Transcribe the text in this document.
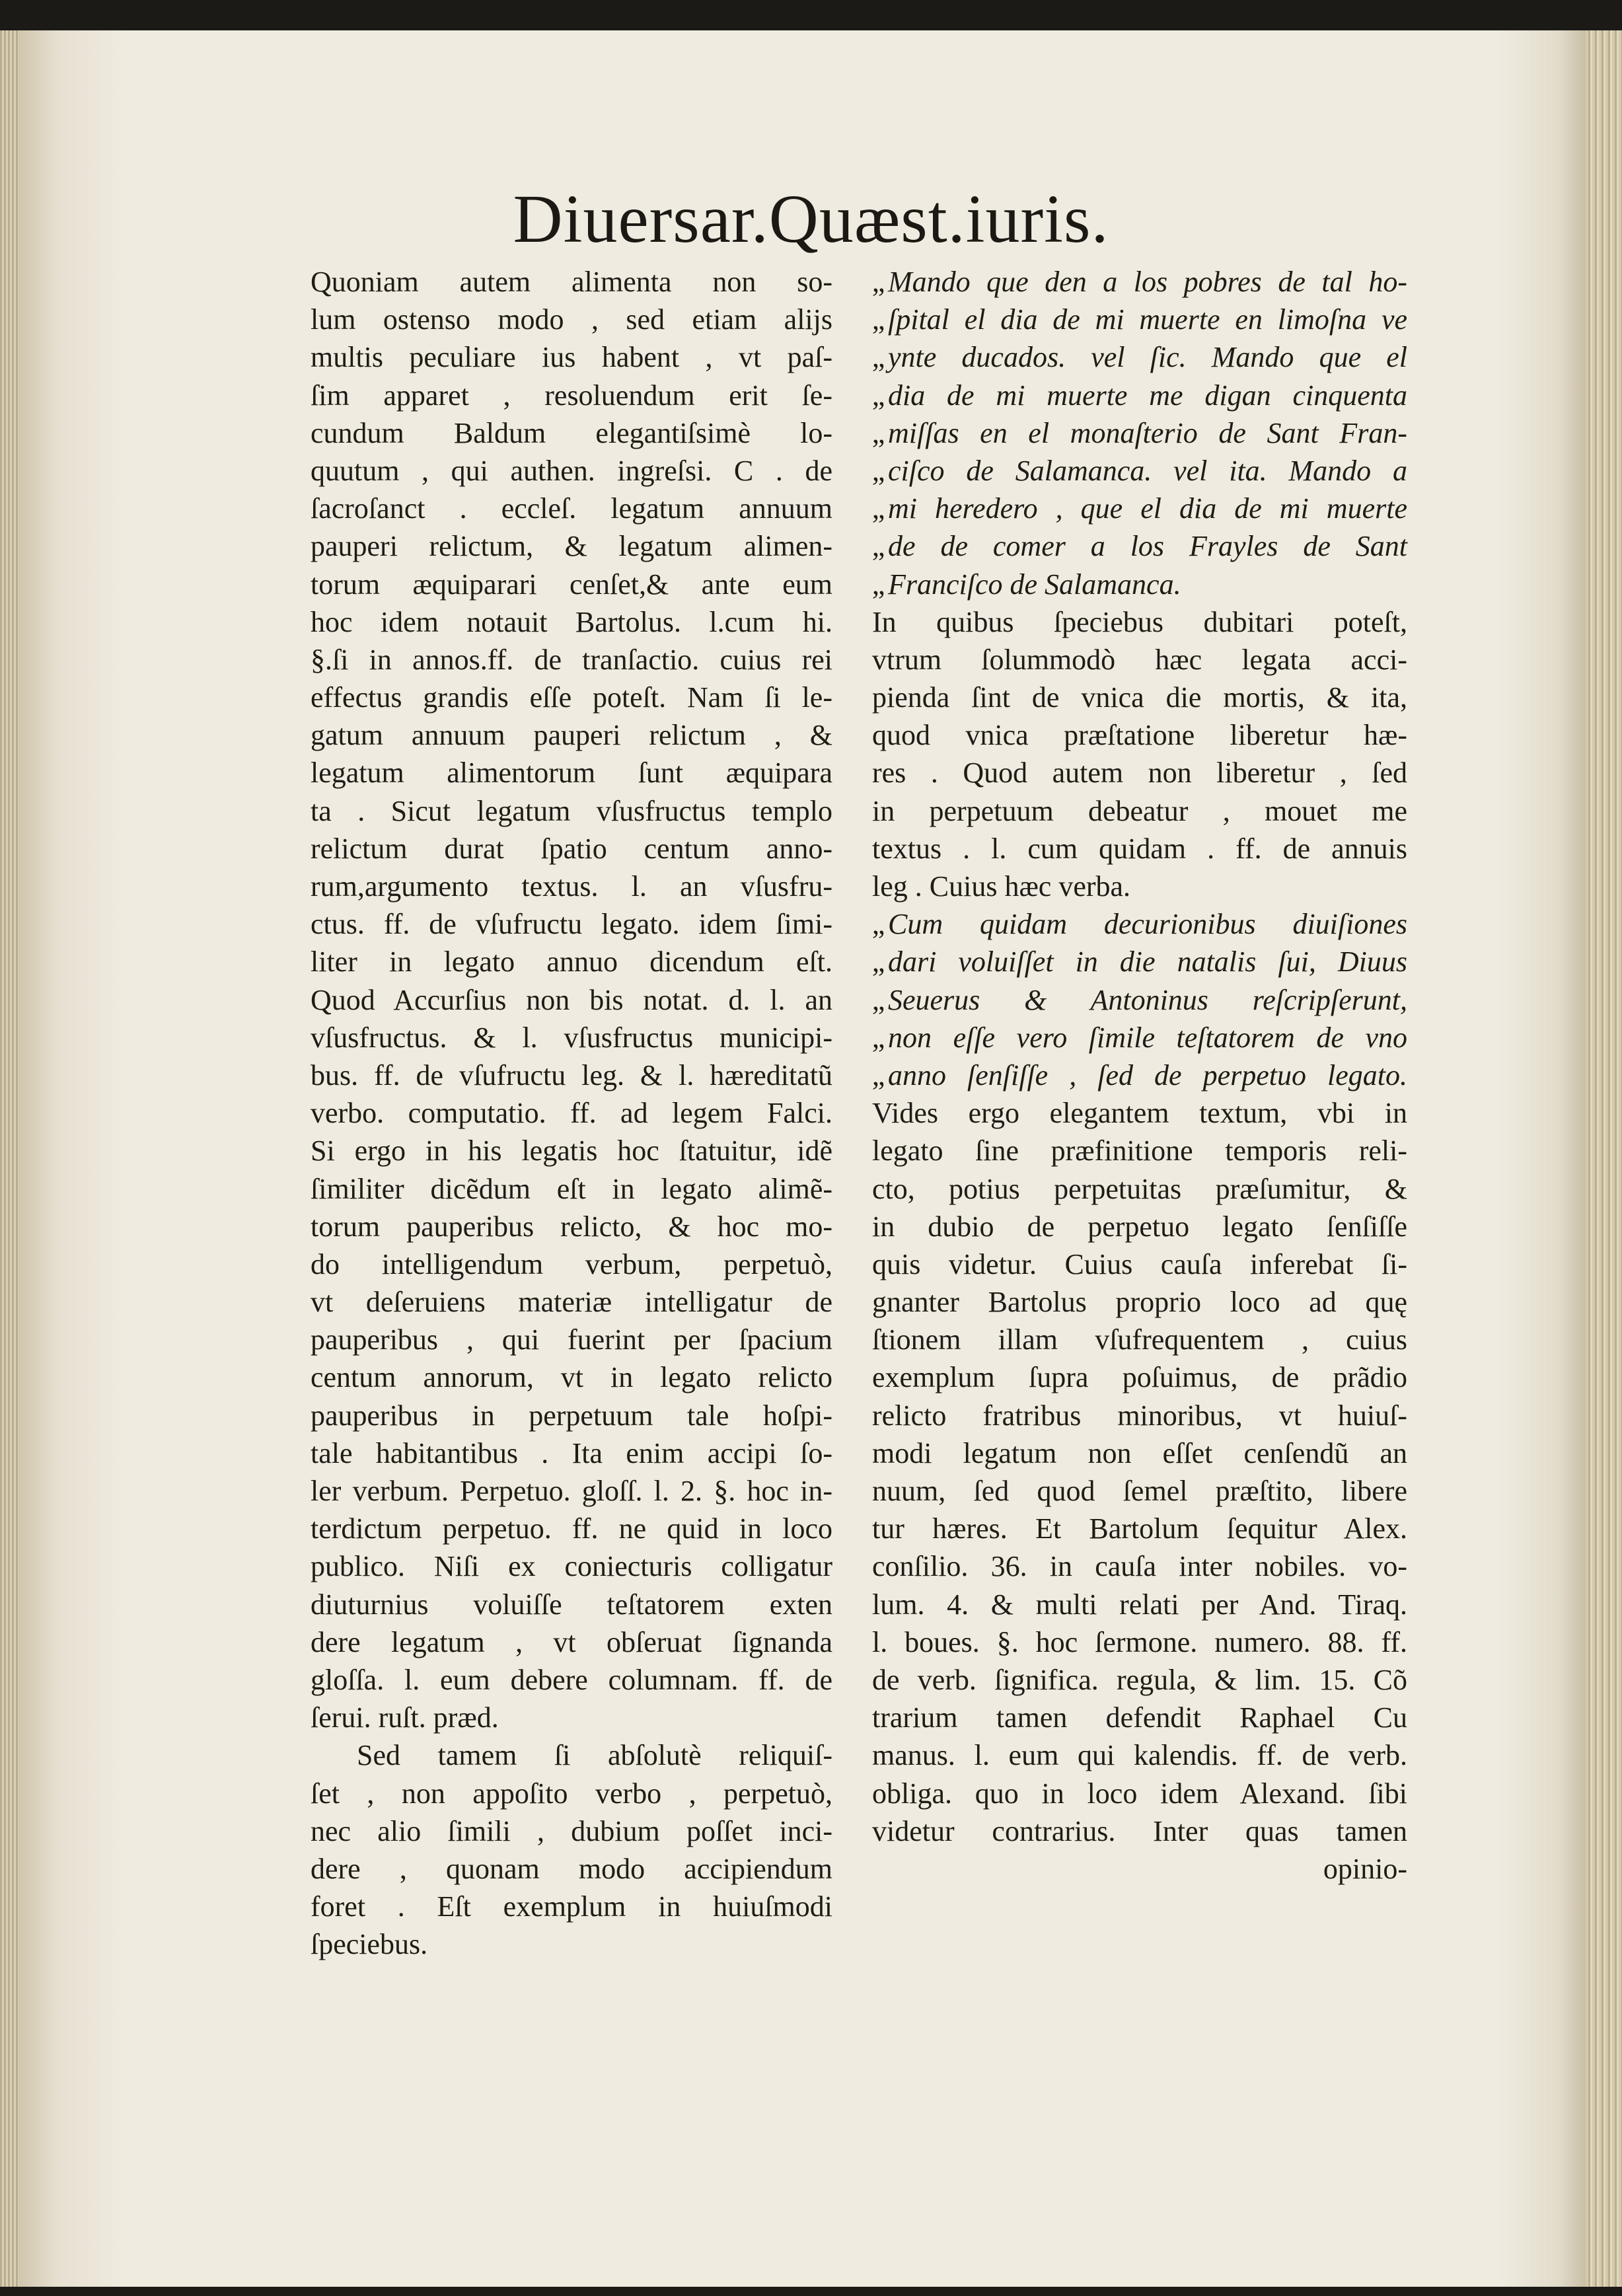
Diuersar.Quæst.iuris.
Quoniam autem alimenta non so-
lum ostenso modo , sed etiam alijs
multis peculiare ius habent , vt paſ-
ſim apparet , resoluendum erit ſe-
cundum Baldum elegantiſsimè lo-
quutum , qui authen. ingreſsi. C . de
ſacroſanct . eccleſ. legatum annuum
pauperi relictum, & legatum alimen-
torum æquiparari cenſet,& ante eum
hoc idem notauit Bartolus. l.cum hi.
§.ſi in annos.ff. de tranſactio. cuius rei
effectus grandis eſſe poteſt. Nam ſi le-
gatum annuum pauperi relictum , &
legatum alimentorum ſunt æquipara
ta . Sicut legatum vſusfructus templo
relictum durat ſpatio centum anno-
rum,argumento textus. l. an vſusfru-
ctus. ff. de vſufructu legato. idem ſimi-
liter in legato annuo dicendum eſt.
Quod Accurſius non bis notat. d. l. an
vſusfructus. & l. vſusfructus municipi-
bus. ff. de vſufructu leg. & l. hæreditatũ
verbo. computatio. ff. ad legem Falci.
Si ergo in his legatis hoc ſtatuitur, idẽ
ſimiliter dicẽdum eſt in legato alimẽ-
torum pauperibus relicto, & hoc mo-
do intelligendum verbum, perpetuò,
vt deſeruiens materiæ intelligatur de
pauperibus , qui fuerint per ſpacium
centum annorum, vt in legato relicto
pauperibus in perpetuum tale hoſpi-
tale habitantibus . Ita enim accipi ſo-
ler verbum. Perpetuo. gloſſ. l. 2. §. hoc in-
terdictum perpetuo. ff. ne quid in loco
publico. Niſi ex coniecturis colligatur
diuturnius voluiſſe teſtatorem exten
dere legatum , vt obſeruat ſignanda
gloſſa. l. eum debere columnam. ff. de
ſerui. ruſt. præd.
Sed tamem ſi abſolutè reliquiſ-
ſet , non appoſito verbo , perpetuò,
nec alio ſimili , dubium poſſet inci-
dere , quonam modo accipiendum
foret . Eſt exemplum in huiuſmodi
ſpeciebus.
,, Mando que den a los pobres de tal ho-
,, ſpital el dia de mi muerte en limoſna ve
,, ynte ducados. vel ſic. Mando que el
,, dia de mi muerte me digan cinquenta
,, miſſas en el monaſterio de Sant Fran-
,, ciſco de Salamanca. vel ita. Mando a
,, mi heredero , que el dia de mi muerte
,, de de comer a los Frayles de Sant
,, Franciſco de Salamanca.
In quibus ſpeciebus dubitari poteſt,
vtrum ſolummodò hæc legata acci-
pienda ſint de vnica die mortis, & ita,
quod vnica præſtatione liberetur hæ-
res . Quod autem non liberetur , ſed
in perpetuum debeatur , mouet me
textus . l. cum quidam . ff. de annuis
leg . Cuius hæc verba.
,, Cum quidam decurionibus diuiſiones
,, dari voluiſſet in die natalis ſui, Diuus
,, Seuerus & Antoninus reſcripſerunt,
,, non eſſe vero ſimile teſtatorem de vno
,, anno ſenſiſſe , ſed de perpetuo legato.
Vides ergo elegantem textum, vbi in
legato ſine præfinitione temporis reli-
cto, potius perpetuitas præſumitur, &
in dubio de perpetuo legato ſenſiſſe
quis videtur. Cuius cauſa inferebat ſi-
gnanter Bartolus proprio loco ad quę
ſtionem illam vſufrequentem , cuius
exemplum ſupra poſuimus, de prãdio
relicto fratribus minoribus, vt huiuſ-
modi legatum non eſſet cenſendũ an
nuum, ſed quod ſemel præſtito, libere
tur hæres. Et Bartolum ſequitur Alex.
conſilio. 36. in cauſa inter nobiles. vo-
lum. 4. & multi relati per And. Tiraq.
l. boues. §. hoc ſermone. numero. 88. ff.
de verb. ſignifica. regula, & lim. 15. Cõ
trarium tamen defendit Raphael Cu
manus. l. eum qui kalendis. ff. de verb.
obliga. quo in loco idem Alexand. ſibi
videtur contrarius. Inter quas tamen
opinio-
